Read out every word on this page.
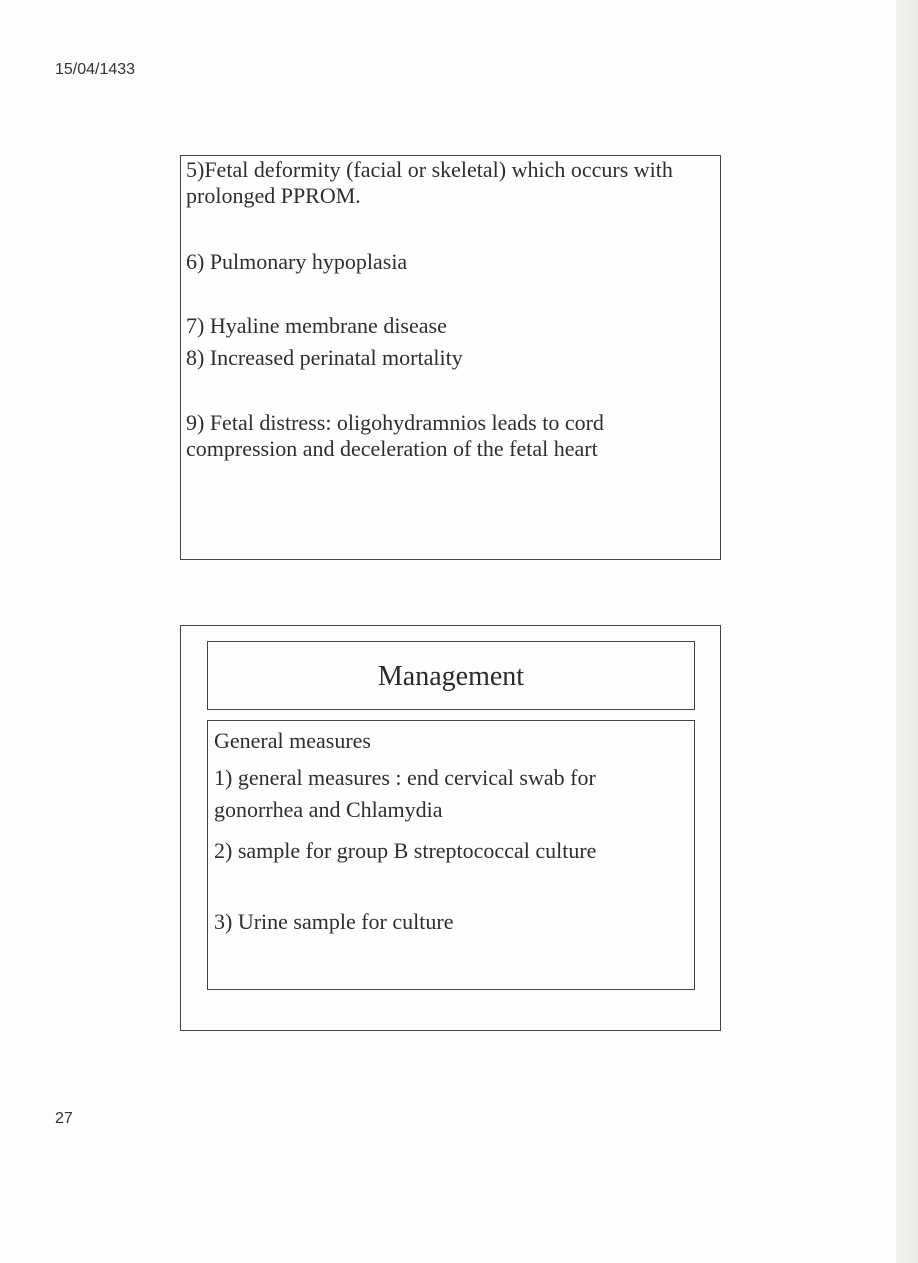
15/04/1433
5)Fetal deformity (facial or skeletal) which occurs with prolonged PPROM.
6) Pulmonary hypoplasia
7) Hyaline membrane disease
8) Increased perinatal mortality
9) Fetal distress: oligohydramnios leads to cord compression and deceleration of the fetal heart
Management
General measures
1) general measures : end cervical swab for gonorrhea and Chlamydia
2) sample for group B streptococcal culture
3) Urine sample for culture
27
